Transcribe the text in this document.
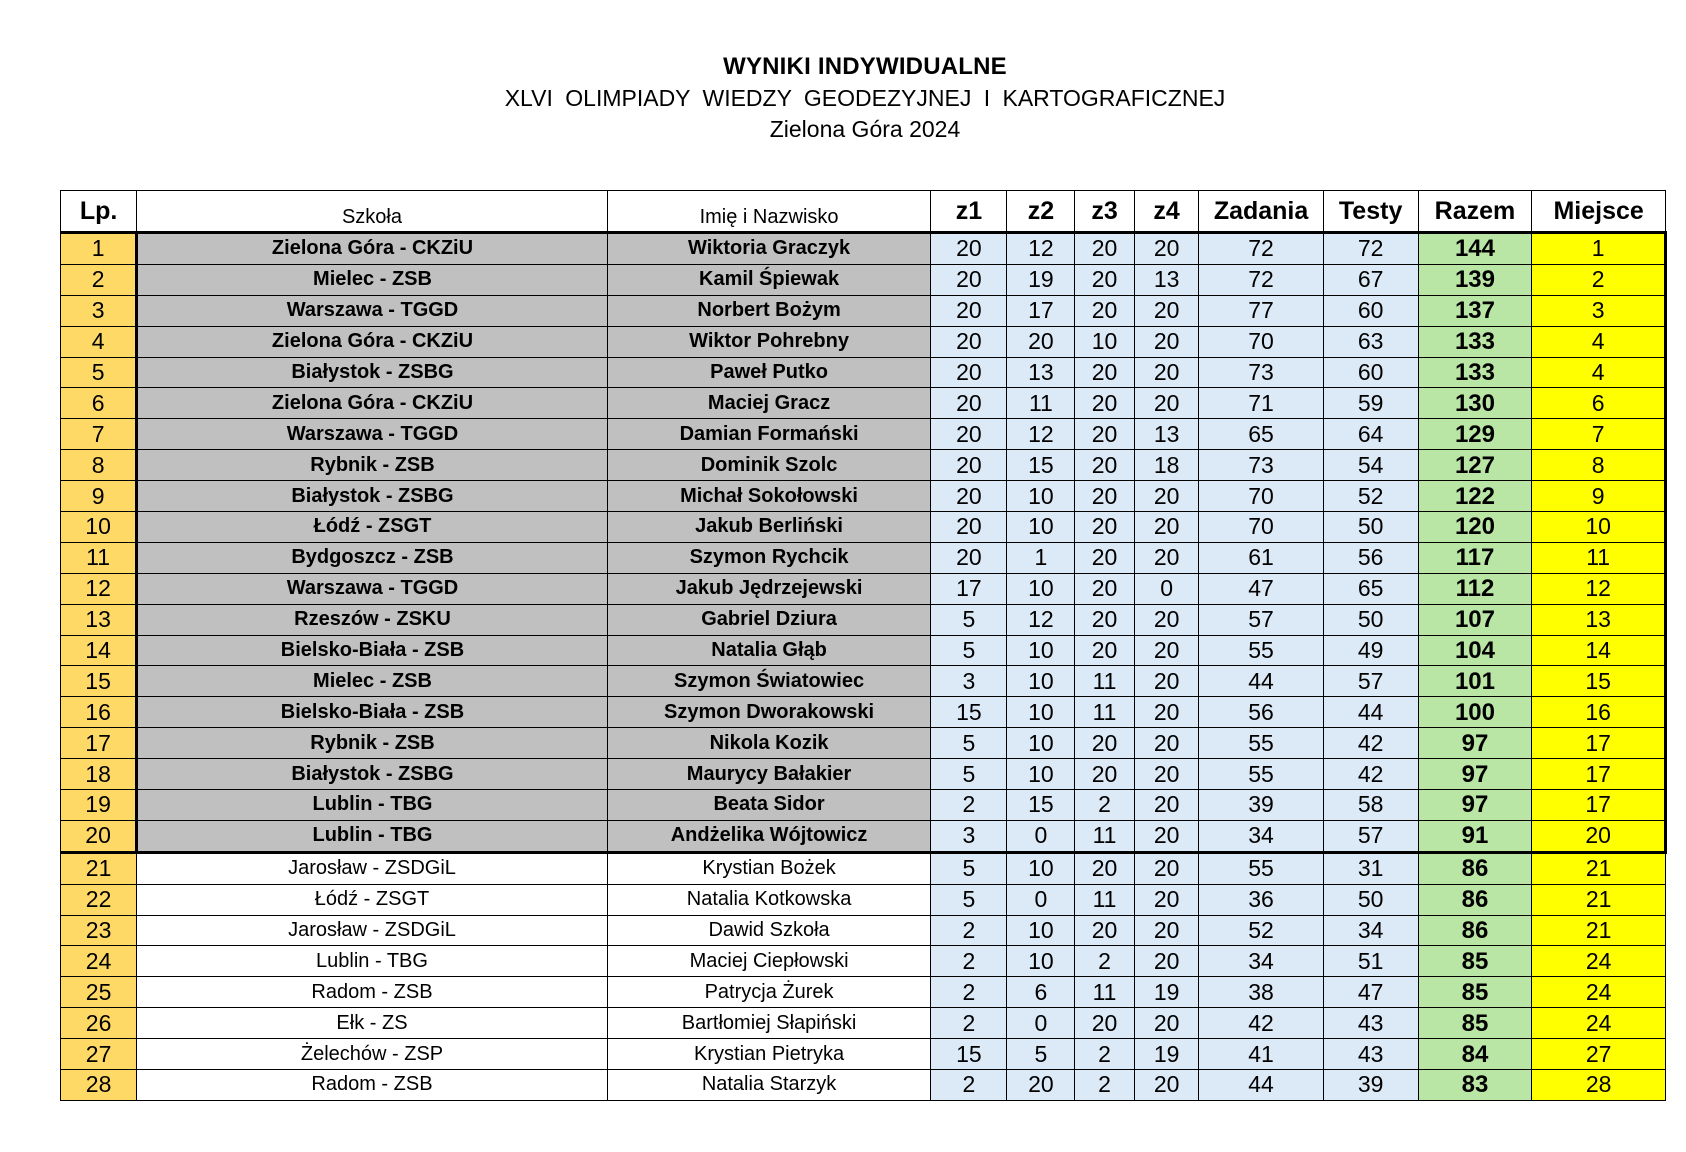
WYNIKI INDYWIDUALNE
XLVI OLIMPIADY WIEDZY GEODEZYJNEJ I KARTOGRAFICZNEJ
Zielona Góra 2024
Lp.	Szkoła	Imię i Nazwisko	z1	z2	z3	z4	Zadania	Testy	Razem	Miejsce
1	Zielona Góra - CKZiU	Wiktoria Graczyk	20	12	20	20	72	72	144	1
2	Mielec - ZSB	Kamil Śpiewak	20	19	20	13	72	67	139	2
3	Warszawa - TGGD	Norbert Bożym	20	17	20	20	77	60	137	3
4	Zielona Góra - CKZiU	Wiktor Pohrebny	20	20	10	20	70	63	133	4
5	Białystok - ZSBG	Paweł Putko	20	13	20	20	73	60	133	4
6	Zielona Góra - CKZiU	Maciej Gracz	20	11	20	20	71	59	130	6
7	Warszawa - TGGD	Damian Formański	20	12	20	13	65	64	129	7
8	Rybnik - ZSB	Dominik Szolc	20	15	20	18	73	54	127	8
9	Białystok - ZSBG	Michał Sokołowski	20	10	20	20	70	52	122	9
10	Łódź - ZSGT	Jakub Berliński	20	10	20	20	70	50	120	10
11	Bydgoszcz - ZSB	Szymon Rychcik	20	1	20	20	61	56	117	11
12	Warszawa - TGGD	Jakub Jędrzejewski	17	10	20	0	47	65	112	12
13	Rzeszów - ZSKU	Gabriel Dziura	5	12	20	20	57	50	107	13
14	Bielsko-Biała - ZSB	Natalia Głąb	5	10	20	20	55	49	104	14
15	Mielec - ZSB	Szymon Światowiec	3	10	11	20	44	57	101	15
16	Bielsko-Biała - ZSB	Szymon Dworakowski	15	10	11	20	56	44	100	16
17	Rybnik - ZSB	Nikola Kozik	5	10	20	20	55	42	97	17
18	Białystok - ZSBG	Maurycy Bałakier	5	10	20	20	55	42	97	17
19	Lublin - TBG	Beata Sidor	2	15	2	20	39	58	97	17
20	Lublin - TBG	Andżelika Wójtowicz	3	0	11	20	34	57	91	20
21	Jarosław - ZSDGiL	Krystian Bożek	5	10	20	20	55	31	86	21
22	Łódź - ZSGT	Natalia Kotkowska	5	0	11	20	36	50	86	21
23	Jarosław - ZSDGiL	Dawid Szkoła	2	10	20	20	52	34	86	21
24	Lublin - TBG	Maciej Ciepłowski	2	10	2	20	34	51	85	24
25	Radom - ZSB	Patrycja Żurek	2	6	11	19	38	47	85	24
26	Ełk - ZS	Bartłomiej Słapiński	2	0	20	20	42	43	85	24
27	Żelechów - ZSP	Krystian Pietryka	15	5	2	19	41	43	84	27
28	Radom - ZSB	Natalia Starzyk	2	20	2	20	44	39	83	28
